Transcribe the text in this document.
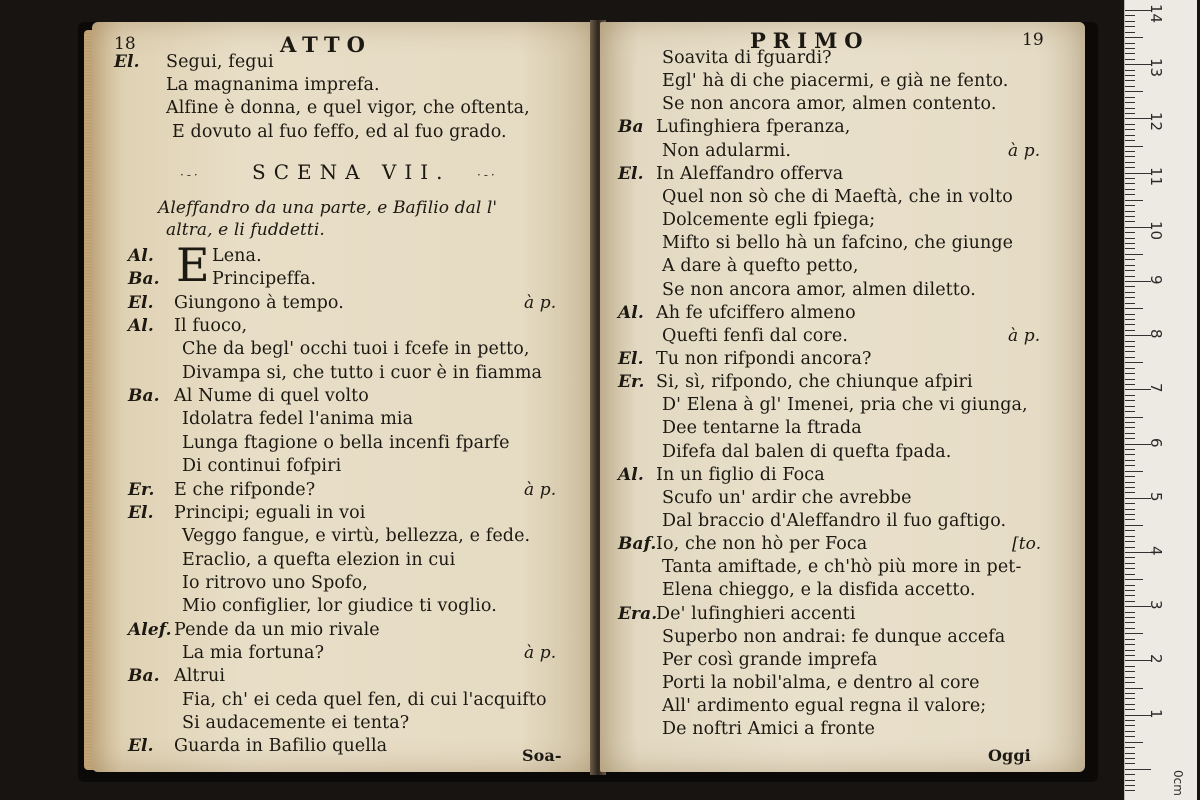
18	ATTO
SCENA VII.
·-·	·-·
Aleffandro da una parte, e Bafilio dal l'
altra, e li fuddetti.
Soa-
El. Segui, fegui
La magnanima imprefa.
Alfine è donna, e quel vigor, che oftenta,
E dovuto al fuo feffo, ed al fuo grado.
Al. E Lena.
Ba.	Principeffa.
El. Giungono à tempo.	à p.
Al. Il fuoco,
Che da begl' occhi tuoi i fcefe in petto,
Divampa si, che tutto i cuor è in fiamma
Ba. Al Nume di quel volto
Idolatra fedel l'anima mia
Lunga ftagione o bella incenfi fparfe
Di continui fofpiri
Er. E che rifponde?	à p.
El. Principi; eguali in voi
Veggo fangue, e virtù, bellezza, e fede.
Eraclio, a quefta elezion in cui
Io ritrovo uno Spofo,
Mio configlier, lor giudice ti voglio.
Alef. Pende da un mio rivale
La mia fortuna?	à p.
Ba. Altrui
Fia, ch' ei ceda quel fen, di cui l'acquifto
Si audacemente ei tenta?
El. Guarda in Bafilio quella
PRIMO	19
Oggi
Soavita di fguardi?
Egl' hà di che piacermi, e già ne fento.
Se non ancora amor, almen contento.
Ba Lufinghiera fperanza,
Non adularmi.	à p.
El. In Aleffandro offerva
Quel non sò che di Maeftà, che in volto
Dolcemente egli fpiega;
Mifto si bello hà un fafcino, che giunge
A dare à quefto petto,
Se non ancora amor, almen diletto.
Al. Ah fe ufciffero almeno
Quefti fenfi dal core.	à p.
El. Tu non rifpondi ancora?
Er. Si, sì, rifpondo, che chiunque afpiri
D' Elena à gl' Imenei, pria che vi giunga,
Dee tentarne la ftrada
Difefa dal balen di quefta fpada.
Al. In un figlio di Foca
Scufo un' ardir che avrebbe
Dal braccio d'Aleffandro il fuo gaftigo.
Baf. Io, che non hò per Foca	[to.
Tanta amiftade, e ch'hò più more in pet-
Elena chieggo, e la disfida accetto.
Era.
De' lufinghieri accenti
Superbo non andrai: fe dunque accefa
Per così grande imprefa
Porti la nobil'alma, e dentro al core
All' ardimento egual regna il valore;
De noftri Amici a fronte
0cm
14
13
12
11
10
9
8
7
6
5
4
3
2
1
